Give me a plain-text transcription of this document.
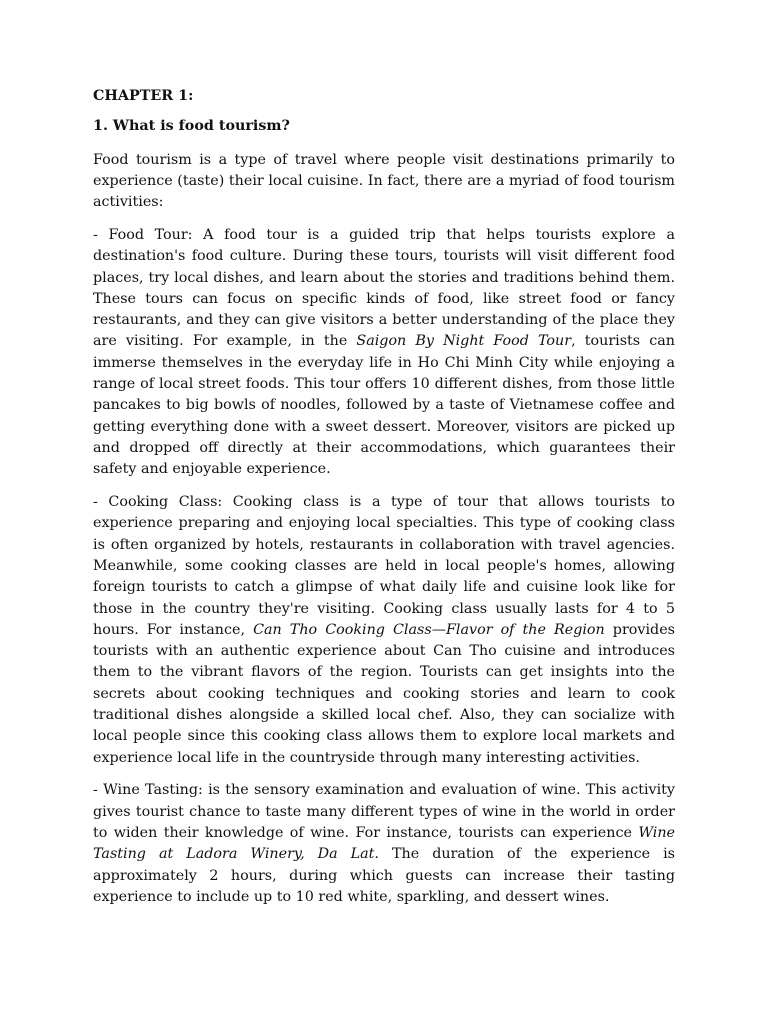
CHAPTER 1:
1. What is food tourism?

Food tourism is a type of travel where people visit destinations primarily to experience (taste) their local cuisine. In fact, there are a myriad of food tourism activities:

- Food Tour: A food tour is a guided trip that helps tourists explore a destination's food culture. During these tours, tourists will visit different food places, try local dishes, and learn about the stories and traditions behind them. These tours can focus on specific kinds of food, like street food or fancy restaurants, and they can give visitors a better understanding of the place they are visiting. For example, in the Saigon By Night Food Tour, tourists can immerse themselves in the everyday life in Ho Chi Minh City while enjoying a range of local street foods. This tour offers 10 different dishes, from those little pancakes to big bowls of noodles, followed by a taste of Vietnamese coffee and getting everything done with a sweet dessert. Moreover, visitors are picked up and dropped off directly at their accommodations, which guarantees their safety and enjoyable experience.

- Cooking Class: Cooking class is a type of tour that allows tourists to experience preparing and enjoying local specialties. This type of cooking class is often organized by hotels, restaurants in collaboration with travel agencies. Meanwhile, some cooking classes are held in local people's homes, allowing foreign tourists to catch a glimpse of what daily life and cuisine look like for those in the country they're visiting. Cooking class usually lasts for 4 to 5 hours. For instance, Can Tho Cooking Class—Flavor of the Region provides tourists with an authentic experience about Can Tho cuisine and introduces them to the vibrant flavors of the region. Tourists can get insights into the secrets about cooking techniques and cooking stories and learn to cook traditional dishes alongside a skilled local chef. Also, they can socialize with local people since this cooking class allows them to explore local markets and experience local life in the countryside through many interesting activities.

- Wine Tasting: is the sensory examination and evaluation of wine. This activity gives tourist chance to taste many different types of wine in the world in order to widen their knowledge of wine. For instance, tourists can experience Wine Tasting at Ladora Winery, Da Lat. The duration of the experience is approximately 2 hours, during which guests can increase their tasting experience to include up to 10 red white, sparkling, and dessert wines.
